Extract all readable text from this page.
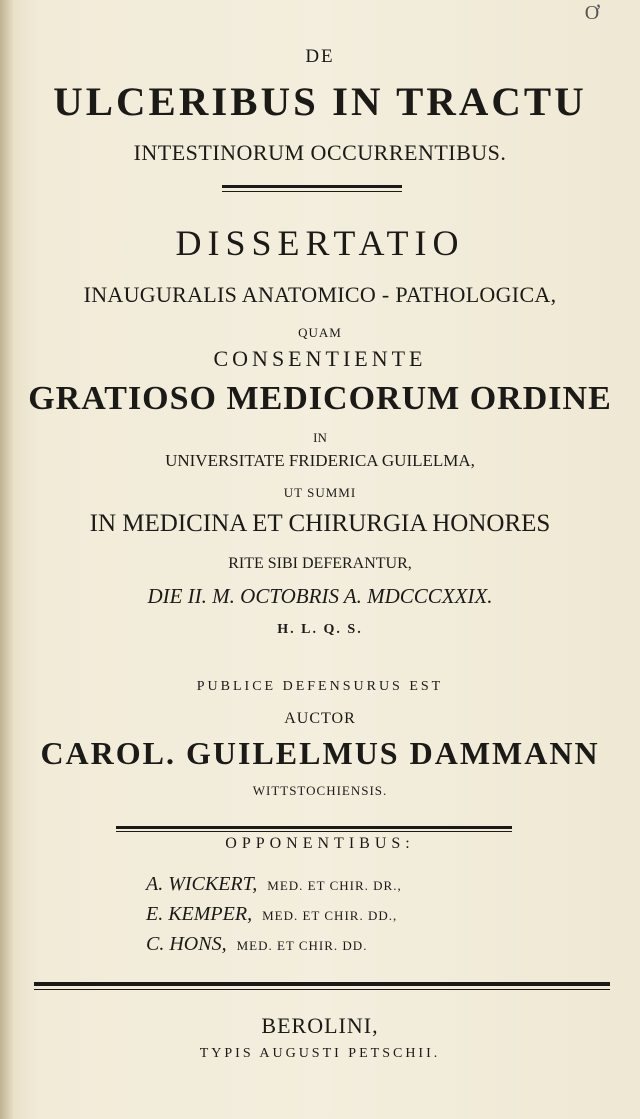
Ơ
DE
ULCERIBUS IN TRACTU
INTESTINORUM OCCURRENTIBUS.
DISSERTATIO
INAUGURALIS ANATOMICO - PATHOLOGICA,
QUAM
CONSENTIENTE
GRATIOSO MEDICORUM ORDINE
IN
UNIVERSITATE FRIDERICA GUILELMA,
UT SUMMI
IN MEDICINA ET CHIRURGIA HONORES
RITE SIBI DEFERANTUR,
DIE II. M. OCTOBRIS A. MDCCCXXIX.
H. L. Q. S.
PUBLICE DEFENSURUS EST
AUCTOR
CAROL. GUILELMUS DAMMANN
WITTSTOCHIENSIS.
OPPONENTIBUS:
A. WICKERT, MED. ET CHIR. DR.,
E. KEMPER, MED. ET CHIR. DD.,
C. HONS, MED. ET CHIR. DD.
BEROLINI,
TYPIS AUGUSTI PETSCHII.
